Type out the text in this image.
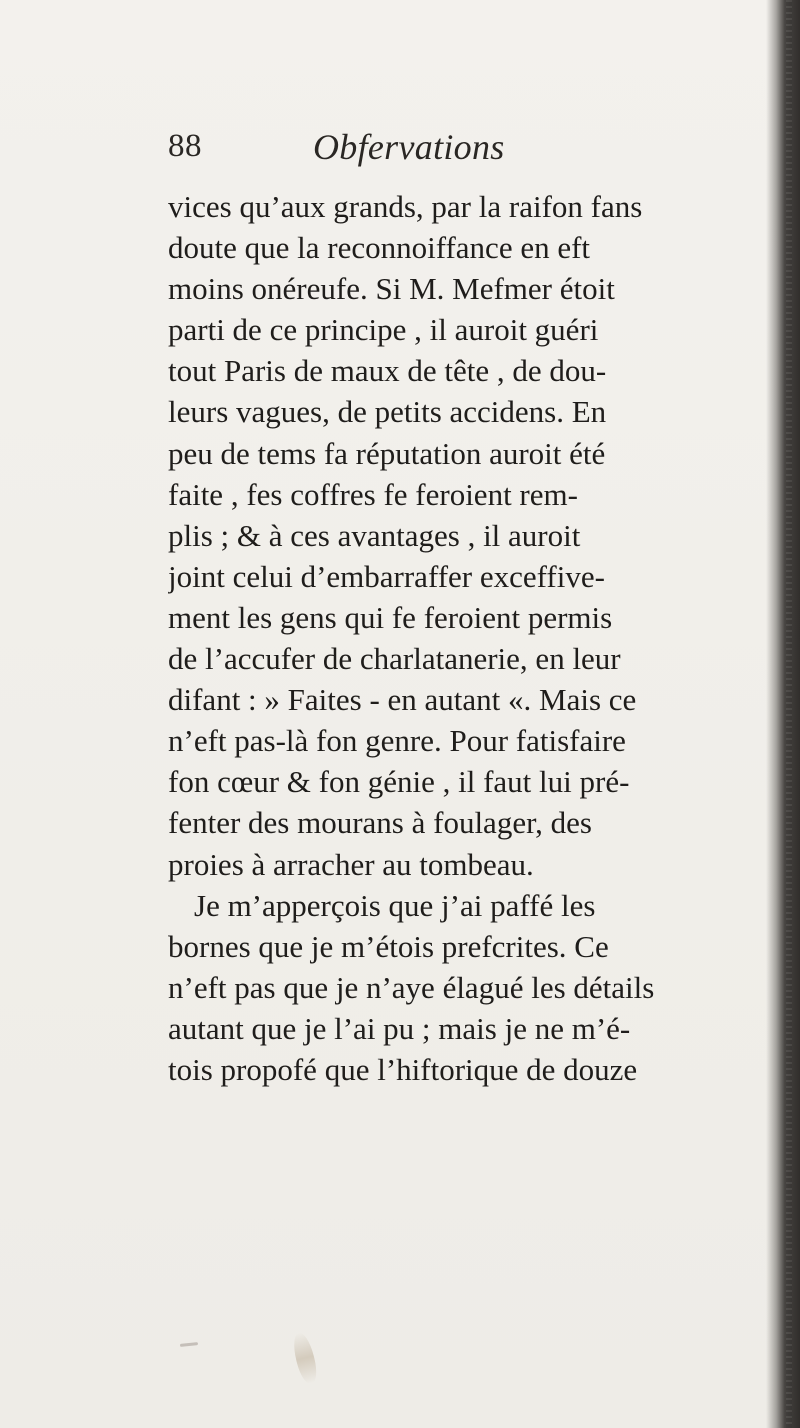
88	Obfervations
vices qu’aux grands, par la raifon fans
doute que la reconnoiffance en eft
moins onéreufe. Si M. Mefmer étoit
parti de ce principe , il auroit guéri
tout Paris de maux de tête , de dou-
leurs vagues, de petits accidens. En
peu de tems fa réputation auroit été
faite , fes coffres fe feroient rem-
plis ; & à ces avantages , il auroit
joint celui d’embarraffer exceffive-
ment les gens qui fe feroient permis
de l’accufer de charlatanerie, en leur
difant : » Faites - en autant «. Mais ce
n’eft pas-là fon genre. Pour fatisfaire
fon cœur & fon génie , il faut lui pré-
fenter des mourans à foulager, des
proies à arracher au tombeau.
Je m’apperçois que j’ai paffé les
bornes que je m’étois prefcrites. Ce
n’eft pas que je n’aye élagué les détails
autant que je l’ai pu ; mais je ne m’é-
tois propofé que l’hiftorique de douze
